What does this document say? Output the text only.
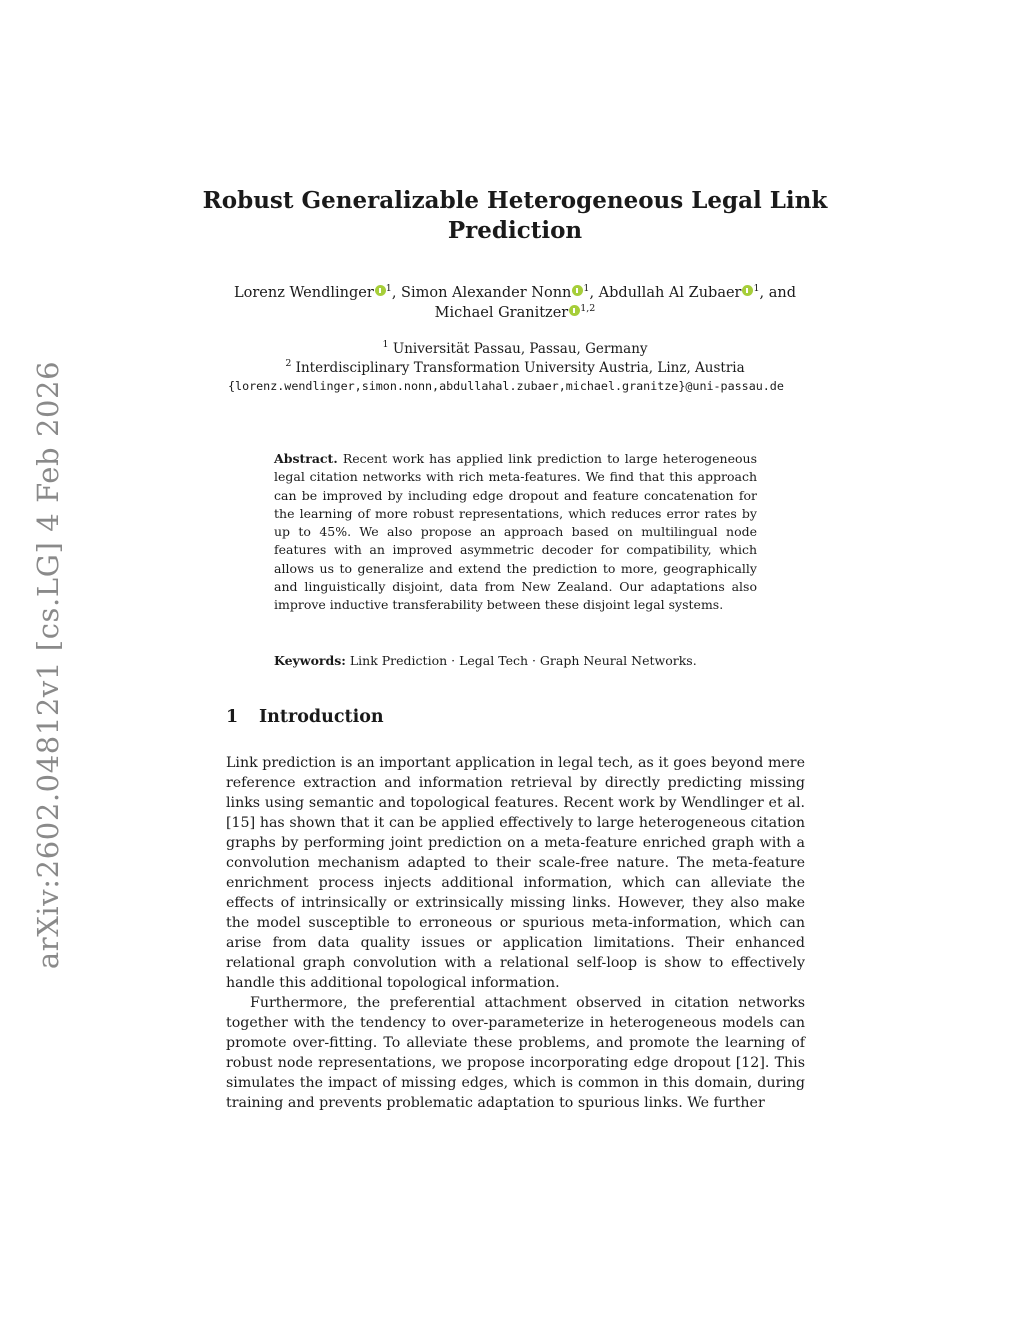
arXiv:2602.04812v1 [cs.LG] 4 Feb 2026
Robust Generalizable Heterogeneous Legal Link
Prediction
Lorenz Wendlinger $^1$, Simon Alexander Nonn $^1$, Abdullah Al Zubaer $^1$, and
Michael Granitzer $^{1,2}$
$^1$ Universität Passau, Passau, Germany
$^2$ Interdisciplinary Transformation University Austria, Linz, Austria
{lorenz.wendlinger,simon.nonn,abdullahal.zubaer,michael.granitze}@uni-passau.de
Abstract. Recent work has applied link prediction to large heterogeneous legal citation networks with rich meta-features. We find that this approach can be improved by including edge dropout and feature concatenation for the learning of more robust representations, which reduces error rates by up to 45%. We also propose an approach based on multilingual node features with an improved asymmetric decoder for compatibility, which allows us to generalize and extend the prediction to more, geographically and linguistically disjoint, data from New Zealand. Our adaptations also improve inductive transferability between these disjoint legal systems.
Keywords: Link Prediction · Legal Tech · Graph Neural Networks.
1 Introduction

Link prediction is an important application in legal tech, as it goes beyond mere reference extraction and information retrieval by directly predicting missing links using semantic and topological features. Recent work by Wendlinger et al. [15] has shown that it can be applied effectively to large heterogeneous citation graphs by performing joint prediction on a meta-feature enriched graph with a convolution mechanism adapted to their scale-free nature. The meta-feature enrichment process injects additional information, which can alleviate the effects of intrinsically or extrinsically missing links. However, they also make the model susceptible to erroneous or spurious meta-information, which can arise from data quality issues or application limitations. Their enhanced relational graph convolution with a relational self-loop is show to effectively handle this additional topological information.

Furthermore, the preferential attachment observed in citation networks together with the tendency to over-parameterize in heterogeneous models can promote over-fitting. To alleviate these problems, and promote the learning of robust node representations, we propose incorporating edge dropout [12]. This simulates the impact of missing edges, which is common in this domain, during training and prevents problematic adaptation to spurious links. We further
